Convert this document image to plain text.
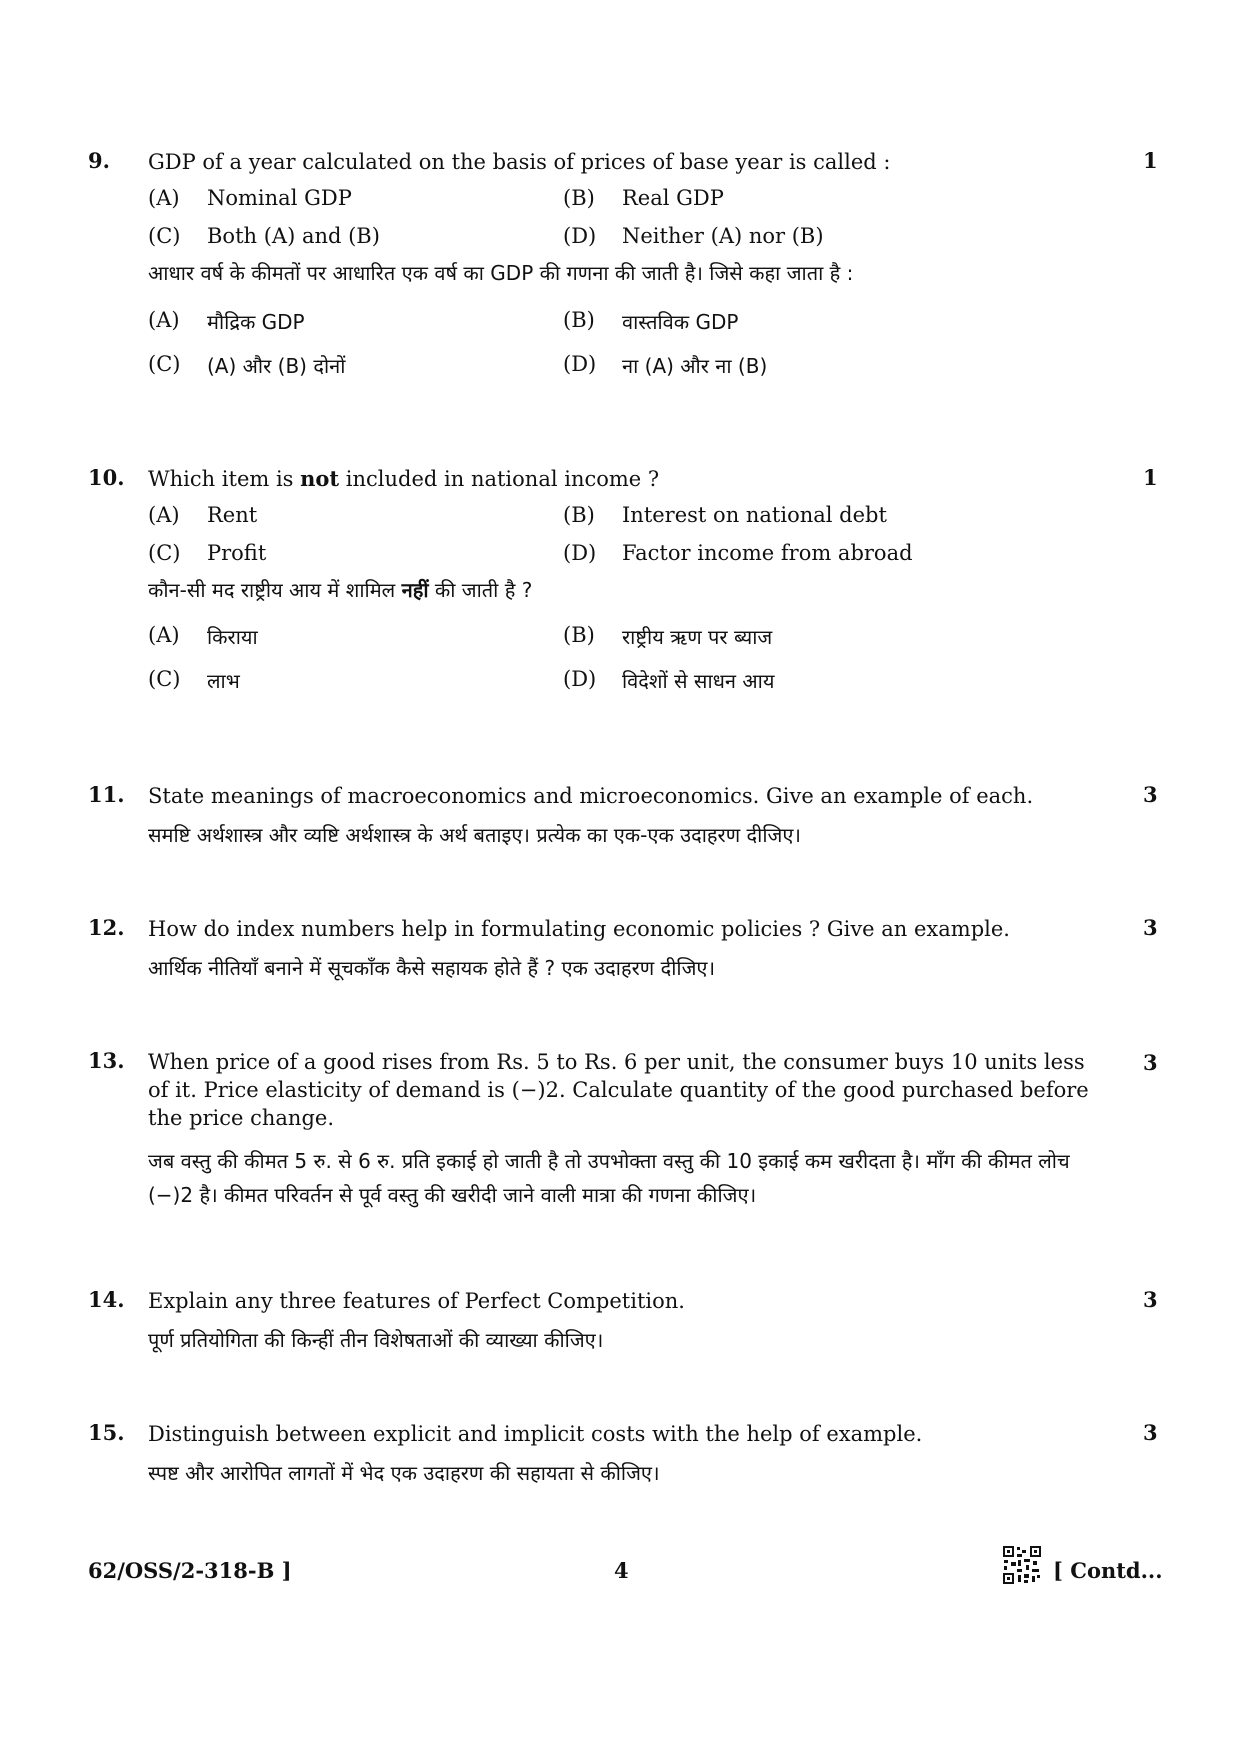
9. GDP of a year calculated on the basis of prices of base year is called :	1
(A) Nominal GDP	(B) Real GDP
(C) Both (A) and (B)	(D) Neither (A) nor (B)
आधार वर्ष के कीमतों पर आधारित एक वर्ष का GDP की गणना की जाती है। जिसे कहा जाता है :
(A) मौद्रिक GDP	(B) वास्तविक GDP
(C) (A) और (B) दोनों	(D) ना (A) और ना (B)
10. Which item is not included in national income ?	1
(A) Rent	(B) Interest on national debt
(C) Profit	(D) Factor income from abroad
कौन-सी मद राष्ट्रीय आय में शामिल नहीं की जाती है ?
(A) किराया	(B) राष्ट्रीय ऋण पर ब्याज
(C) लाभ	(D) विदेशों से साधन आय
11. State meanings of macroeconomics and microeconomics. Give an example of each.	3
समष्टि अर्थशास्त्र और व्यष्टि अर्थशास्त्र के अर्थ बताइए। प्रत्येक का एक-एक उदाहरण दीजिए।
12. How do index numbers help in formulating economic policies ? Give an example.	3
आर्थिक नीतियाँ बनाने में सूचकाँक कैसे सहायक होते हैं ? एक उदाहरण दीजिए।
13. When price of a good rises from Rs. 5 to Rs. 6 per unit, the consumer buys 10 units less of it. Price elasticity of demand is (−)2. Calculate quantity of the good purchased before the price change.
3
जब वस्तु की कीमत 5 रु. से 6 रु. प्रति इकाई हो जाती है तो उपभोक्ता वस्तु की 10 इकाई कम खरीदता है। माँग की कीमत लोच (−)2 है। कीमत परिवर्तन से पूर्व वस्तु की खरीदी जाने वाली मात्रा की गणना कीजिए।
14. Explain any three features of Perfect Competition.	3
पूर्ण प्रतियोगिता की किन्हीं तीन विशेषताओं की व्याख्या कीजिए।
15. Distinguish between explicit and implicit costs with the help of example.	3
स्पष्ट और आरोपित लागतों में भेद एक उदाहरण की सहायता से कीजिए।
62/OSS/2-318-B ]	4	[ Contd...
